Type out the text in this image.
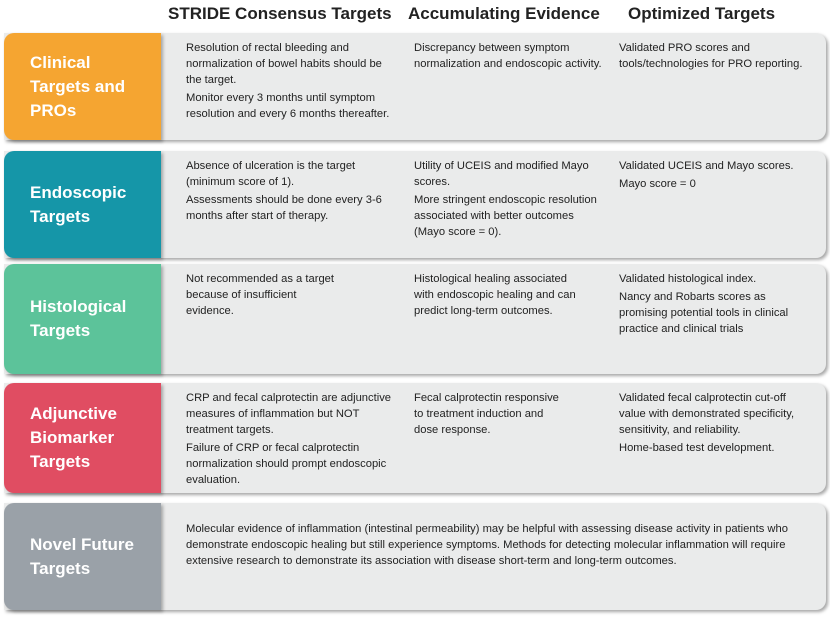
STRIDE Consensus Targets Accumulating Evidence Optimized Targets
Clinical
Targets and
PROs

Resolution of rectal bleeding and normalization of bowel habits should be the target.

Monitor every 3 months until symptom resolution and every 6 months thereafter.

Discrepancy between symptom normalization and endoscopic activity.

Validated PRO scores and tools/technologies for PRO reporting.

Endoscopic
Targets

Absence of ulceration is the target (minimum score of 1).

Assessments should be done every 3-6 months after start of therapy.

Utility of UCEIS and modified Mayo scores.

More stringent endoscopic resolution associated with better outcomes (Mayo score = 0).

Validated UCEIS and Mayo scores.

Mayo score = 0

Histological
Targets

Not recommended as a target because of insufficient evidence.

Histological healing associated with endoscopic healing and can predict long-term outcomes.

Validated histological index.

Nancy and Robarts scores as promising potential tools in clinical practice and clinical trials

Adjunctive
Biomarker
Targets

CRP and fecal calprotectin are adjunctive measures of inflammation but NOT treatment targets.

Failure of CRP or fecal calprotectin normalization should prompt endoscopic evaluation.

Fecal calprotectin responsive to treatment induction and dose response.

Validated fecal calprotectin cut-off value with demonstrated specificity, sensitivity, and reliability.

Home-based test development.

Novel Future
Targets

Molecular evidence of inflammation (intestinal permeability) may be helpful with assessing disease activity in patients who demonstrate endoscopic healing but still experience symptoms. Methods for detecting molecular inflammation will require extensive research to demonstrate its association with disease short-term and long-term outcomes.
